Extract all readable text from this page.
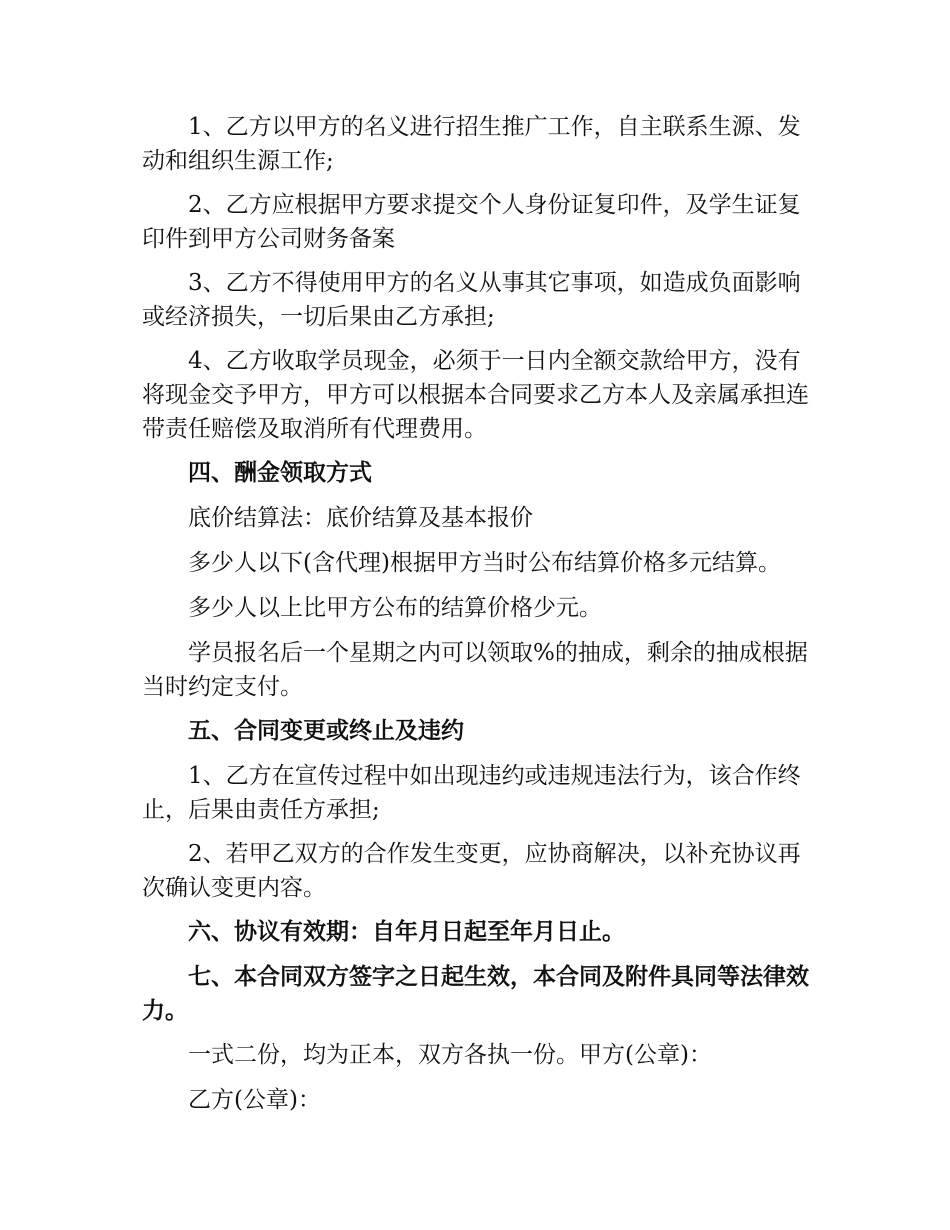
1、乙方以甲方的名义进行招生推广工作，自主联系生源、发动和组织生源工作;

2、乙方应根据甲方要求提交个人身份证复印件，及学生证复印件到甲方公司财务备案

3、乙方不得使用甲方的名义从事其它事项，如造成负面影响或经济损失，一切后果由乙方承担;

4、乙方收取学员现金，必须于一日内全额交款给甲方，没有将现金交予甲方，甲方可以根据本合同要求乙方本人及亲属承担连带责任赔偿及取消所有代理费用。

四、酬金领取方式

底价结算法：底价结算及基本报价

多少人以下(含代理)根据甲方当时公布结算价格多元结算。

多少人以上比甲方公布的结算价格少元。

学员报名后一个星期之内可以领取%的抽成，剩余的抽成根据当时约定支付。

五、合同变更或终止及违约

1、乙方在宣传过程中如出现违约或违规违法行为，该合作终止，后果由责任方承担;

2、若甲乙双方的合作发生变更，应协商解决，以补充协议再次确认变更内容。

六、协议有效期：自年月日起至年月日止。

七、本合同双方签字之日起生效，本合同及附件具同等法律效力。

一式二份，均为正本，双方各执一份。甲方(公章)：

乙方(公章)：
